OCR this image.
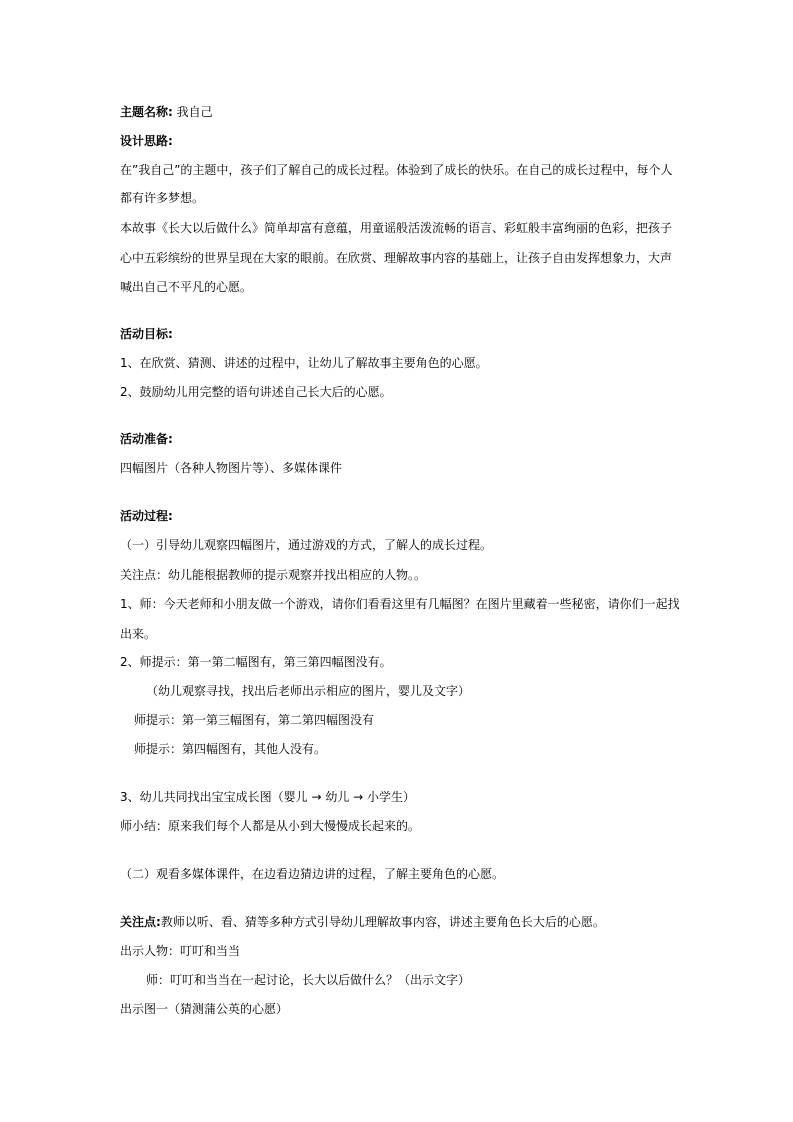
主题名称: 我自己
设计思路:
在”我自己”的主题中，孩子们了解自己的成长过程。体验到了成长的快乐。在自己的成长过程中，每个人
都有许多梦想。
本故事《长大以后做什么》简单却富有意蕴，用童谣般活泼流畅的语言、彩虹般丰富绚丽的色彩，把孩子
心中五彩缤纷的世界呈现在大家的眼前。在欣赏、理解故事内容的基础上，让孩子自由发挥想象力，大声
喊出自己不平凡的心愿。
活动目标:
1、在欣赏、猜测、讲述的过程中，让幼儿了解故事主要角色的心愿。
2、鼓励幼儿用完整的语句讲述自己长大后的心愿。
活动准备:
四幅图片（各种人物图片等）、多媒体课件
活动过程:
（一）引导幼儿观察四幅图片，通过游戏的方式，了解人的成长过程。
关注点：幼儿能根据教师的提示观察并找出相应的人物。。
1、师：今天老师和小朋友做一个游戏，请你们看看这里有几幅图？在图片里藏着一些秘密，请你们一起找
出来。
2、师提示：第一第二幅图有，第三第四幅图没有。
（幼儿观察寻找，找出后老师出示相应的图片，婴儿及文字）
师提示：第一第三幅图有，第二第四幅图没有
师提示：第四幅图有，其他人没有。
3、幼儿共同找出宝宝成长图（婴儿 → 幼儿 → 小学生）
师小结：原来我们每个人都是从小到大慢慢成长起来的。
（二）观看多媒体课件，在边看边猜边讲的过程，了解主要角色的心愿。
关注点:教师以听、看、猜等多种方式引导幼儿理解故事内容，讲述主要角色长大后的心愿。
出示人物：叮叮和当当
师：叮叮和当当在一起讨论，长大以后做什么？（出示文字）
出示图一（猜测蒲公英的心愿）
